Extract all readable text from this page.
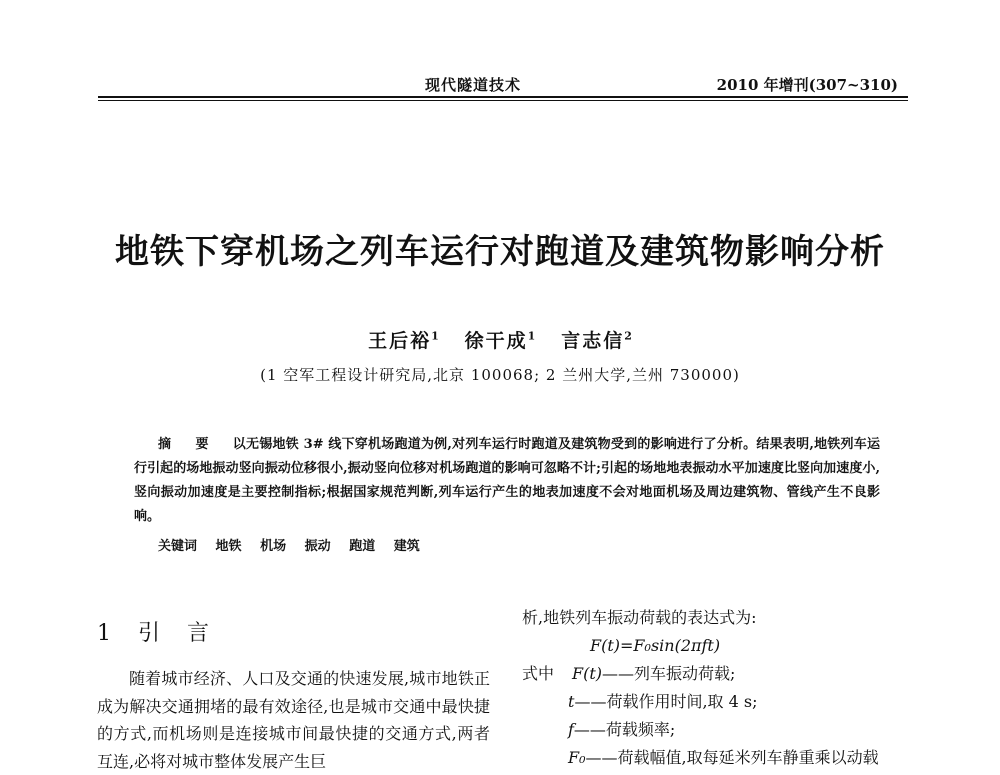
现代隧道技术	2010 年增刊(307~310)
地铁下穿机场之列车运行对跑道及建筑物影响分析
王后裕$^1$ 徐干成$^1$ 言志信$^2$
(1 空军工程设计研究局,北京 100068; 2 兰州大学,兰州 730000)
摘 要 以无锡地铁 3# 线下穿机场跑道为例,对列车运行时跑道及建筑物受到的影响进行了分析。结果表明,地铁列车运行引起的场地振动竖向振动位移很小,振动竖向位移对机场跑道的影响可忽略不计;引起的场地地表振动水平加速度比竖向加速度小,竖向振动加速度是主要控制指标;根据国家规范判断,列车运行产生的地表加速度不会对地面机场及周边建筑物、管线产生不良影响。
关键词 地铁 机场 振动 跑道 建筑
1 引 言
随着城市经济、人口及交通的快速发展,城市地铁正成为解决交通拥堵的最有效途径,也是城市交通中最快捷的方式,而机场则是连接城市间最快捷的交通方式,两者互连,必将对城市整体发展产生巨
析,地铁列车振动荷载的表达式为:
F(t)=F₀sin(2πft)
式中 F(t)——列车振动荷载;
t——荷载作用时间,取 4 s;
f——荷载频率;
F₀——荷载幅值,取每延米列车静重乘以动载
